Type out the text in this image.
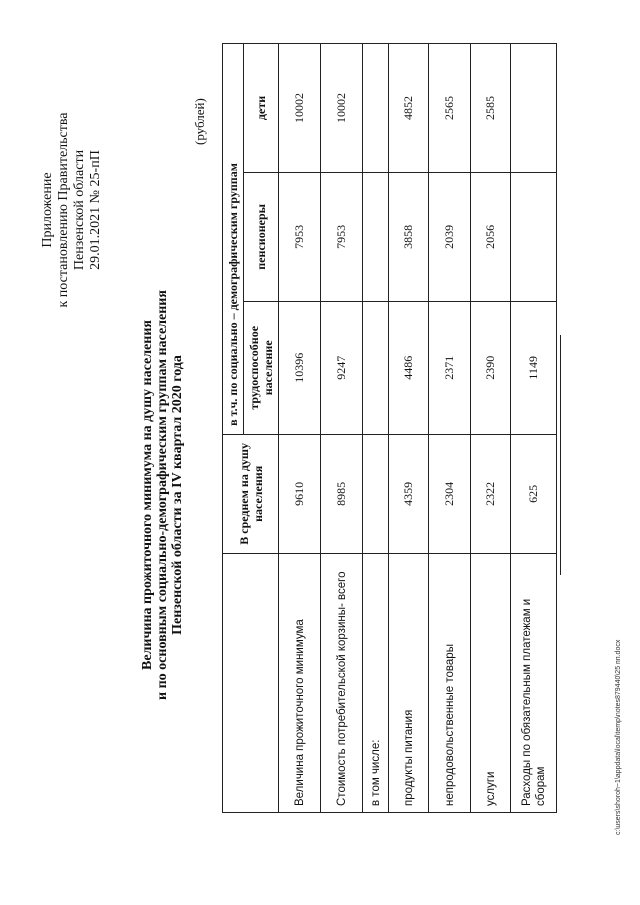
Приложение к постановлению Правительства Пензенской области 29.01.2021 № 25-пП
Величина прожиточного минимума на душу населения и по основным социально-демографическим группам населения Пензенской области за IV квартал 2020 года
(рублей)
	В среднем на душу населения	в т.ч. по социально – демографическим группам		
		трудоспособное население	пенсионеры	дети
Величина прожиточного минимума	9610	10396	7953	10002
Стоимость потребительской корзины- всего	8985	9247	7953	10002
в том числе:				
продукты питания	4359	4486	3858	4852
непродовольственные товары	2304	2371	2039	2565
услуги	2322	2390	2056	2585
Расходы по обязательным платежам и сборам	625	1149		
c:\users\shoroh~1\appdata\local\temp\notes879440\25 пп.docx
